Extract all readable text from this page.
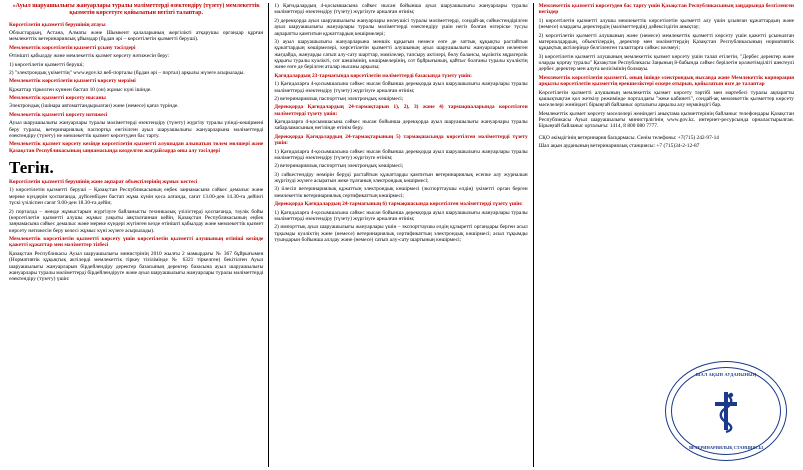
«Ауыл шаруашылығы жануарлары туралы мәліметтерді өзектендіру (түзету) мемлекеттік қызметін көрсетуге қойылатын негізгі талаптар.

Көрсетілетін қызметті берушінің атауы

Облыстардың, Астана, Алматы және Шымкент қалаларының жергілікті атқарушы органдар құрған мемлекеттік ветеринариялық ұйымдар (бұдан әрі – көрсетілетін қызметті беруші).

Мемлекеттік көрсетілетін қызметті ұсыну тәсілдері

Өтінішті қабылдау және мемлекеттік қызмет көрсету нәтижесін беру:

1) көрсетілетін қызметті беруші;

2) "электрондық үкіметтің" www.egov.kz веб-порталы (бұдан әрі – портал) арқылы жүзеге асырылады.

Мемлекеттік көрсетілетін қызметті көрсету мерзімі

Құжаттар тіркелген күннен бастап 10 (он) жұмыс күні ішінде.

Мемлекеттік қызметті көрсету нысаны

Электрондық (ішінара автоматтандырылған) және (немесе) қағаз түрінде.

Мемлекеттік қызметті көрсету нәтижесі

Ауыл шаруашылығы жануарлары туралы мәліметтерді өзектендіру (түзету) жүргізу туралы үзінді-көшірмені беру туралы, ветеринариялық паспортқа енгізілген ауыл шаруашылығы жануарларына мәліметтерді өзектендіру (түзету) не мемлекеттік қызмет көрсетуден бас тарту.

Мемлекеттік қызмет көрсету кезінде көрсетілетін қызметті алушыдан алынатын төлем мөлшері және Қазақстан Республикасының заңнамасында көзделген жағдайларда оны алу тәсілдері

Тегін.

Көрсетілетін қызметті берушінің және ақпарат объектілерінің жұмыс кестесі

1) көрсетілетін қызметті беруші – Қазақстан Республикасының еңбек заңнамасына сәйкес демалыс және мереке күндерін қоспағанда, дүйсенбіден бастап жұма күнін қоса алғанда, сағат 13.00-ден 14.30-ға дейінгі түскі үзіліспен сағат 9.00-ден 18.30-ға дейін;

2) порталда – жөнде жұмыстарын жүргізуге байланысты техникалық үзілістерді қоспағанда, тәулік бойы (көрсетілетін қызметті алушы жұмыс уақыты аяқталғаннан кейін, Қазақстан Республикасының еңбек заңнамасына сәйкес демалыс және мереке күндері жүгінген кезде өтінішті қабылдау және мемлекеттік қызмет көрсету нәтижесін беру келесі жұмыс күні жүзеге асырылады).

Мемлекеттік көрсетілетін қызметті көрсету үшін көрсетілетін қызметті алушының өтініші кезінде қажетті құжаттар мен мәліметтер тізбесі

Қазақстан Республикасы Ауыл шаруашылығы министрінің 2010 жылғы 2 мамырдағы № 367 бұйрығымен (Нормативтік құқықтық актілерді мемлекеттік тіркеу тізілімінде № 6321 тіркелген) бекітілген Ауыл шаруашылығы жануарларын бірдейлендіру деректер базасының деректер базасына ауыл шаруашылығы жануарлары туралы мәліметтерді бірдейлендіруге және ауыл шаруашылығы жануарлары туралы мәліметтерді өзектендіру (түзету) үшін:

1) Қағидалардың 4-қосымшасына сәйкес нысан бойынша ауыл шаруашылығы жануарлары туралы мәліметтерді өзектендіру (түзету) жүргізуге арналған өтінім;

2) дерекқорда ауыл шаруашылығы жануарлары иелеушісі туралы мәліметтерді, сондай-ақ сәйкестендірілген ауыл шаруашылығы жануарлары туралы мәліметтерді өзектендіру үшін негіз болған өзгеріске түсуы ақпаратты қамтитын құжаттардың көшірмелері;

3) ауыл шаруашылығы жануарларына меншік құқығын немесе өзге де заттық құқықты растайтын құжаттардың көшірмелері, көрсетілетін қызметті алушының ауыл шаруашылығы жануарларын иеленген жағдайда, жануарды сатып алу-сату шарттар, мәмілелер, тапсыру актілері, бөлу балансы, мұліктік мұрагерлік құқығы туралы куәлікті, сот шешімінің, көшірмелерінің, сот бұйрығының, қайтыс болғаны туралы куәліктің және өзге де берілген аталар нысаны арқылы;

Қағидалардың 23-тармағында көрсетілетін мәліметтерді базасында түзету үшін:

1) Қағидаларға 4-қосымшасына сәйкес нысан бойынша дерекқорда ауыл шаруашылығы жануарлары туралы мәліметтерді өзектендіру (түзету) жүргізуге арналған өтінім;

2) ветеринариялық паспорттың электрондық көшірмесі;

Дерекқорда Қағидалардың 24-тармақтарын 1), 2), 3) және 4) тармақшаларында көрсетілген мәліметтерді түзету үшін:

Қағидаларға 4-қосымшасына сәйкес нысан бойынша дерекқорда ауыл шаруашылығы жануарлары туралы хабарламасының негізінде өтінім беру.

Дерекқорда Қағидалардың 24-тармақтарының 5) тармақшасында көрсетілген мәліметтерді түзету үшін:

1) Қағидаларға 4-қосымшасына сәйкес нысан бойынша дерекқорда ауыл шаруашылығы жануарлары туралы мәліметтерді өзектендіру (түзету) жүргізуге өтінім;

2) ветеринариялық паспорттың электрондық көшірмесі;

3) сәйкестендіру нөмірін беруді растайтын құжаттарды қамтитын ветеринариялық есепке алу журналын жүргізуді жүзеге асыратын жеке тұлғаның электрондық көшірмесі;

3) іілесіп ветеринариялық құжаттың электрондық көшірмесі (экспорттаушы елдің) үкіметті орган берген мемлекеттік ветеринариялық сертификаттың көшірмесі;

Дерекқорда Қағидалардың 24-тармағының 6) тармақшасында көрсетілген мәліметтерді түзету үшін:

1) Қағидаларға 4-қосымшасына сәйкес нысан бойынша дерекқорда ауыл шаруашылығы жануарлары туралы мәліметтерді өзектендіру (түзету) жүргізуге арналған өтінім;

2) импорттық ауыл шаруашылығы жануарлары үшін – экспорттаушы елдің құзыретті органдары берген асыл тұқымды куәліктің және (немесе) ветеринариялық сертификаттың электрондық көшірмесі; асыл тұқымды туындарын бойынша аллдау және (немесе) сатып алу-сату шартының көшірмесі;

Мемлекеттік қызметті көрсетуден бас тарту үшін Қазақстан Республикасының заңдарында белгіленген негіздер

1) көрсетілетін қызметті алушы мемлекеттік көрсетілетін қызметті алу үшін ұсынған құжаттардың және (немесе) олардағы деректердің (мәліметтердің) дәйексіздігін анықтау;

2) көрсетілетін қызметті алушының және (немесе) мемлекеттік қызметті көрсету үшін қажетті ұсынылған материалдардың, объектілердің, деректер мен мәліметтердің Қазақстан Республикасының нормативтік құқықтық актілерінде белгіленген талаптарға сәйкес келмеуі;

3) көрсетілетін қызметті алушының мемлекеттік қызмет көрсету үшін талап етілетін, "Дербес деректер және оларды қорғау туралы" Қазақстан Республикасы Заңының 8-бабында сәйкес берілетін қолжетімділігі шектеулі дербес деректер мен алуға келісімінің болмауы.

Мемлекеттік көрсетілетін қызметті, оның ішінде электрондық нысанда және Мемлекеттік корпорация арқылы көрсетілетін қызметтің ерекшеліктері ескере отырып, қойылатын өзге де талаптар

Көрсетілетін қызметті алушының мемлекеттік қызмет көрсету тәртібі мен мәртебесі туралы ақпаратты қашықтықтан қол жеткізу режимінде порталдағы "жеке кабинеті", сондай-ақ мемлекеттік қызметтер көрсету мәселелері жөніндегі бірыңғай байланыс орталығы арқылы алу мүмкіндігі бар.

Мемлекеттік қызмет көрсету мәселелері жөніндегі анықтама қызметтерінің байланыс телефондары Қазақстан Республикасы Ауыл шаруашылығы министрлігінің www.gov.kz. интернет-ресурсында орналастырылған. Бірыңғай байланыс орталығы: 1414, 8 800 080 7777.

СҚО әкімдігінің ветеринария басқармасы. Сенім телефоны: +7(715) 242-97-14

Шал ақын ауданының ветеринариялық станциясы: +7 (715)34-2-12-87

ШАЛ АҚЫН АУДАНЫНЫҢ
ВЕТЕРИНАРИЯЛЫҚ СТАНЦИЯСЫ
